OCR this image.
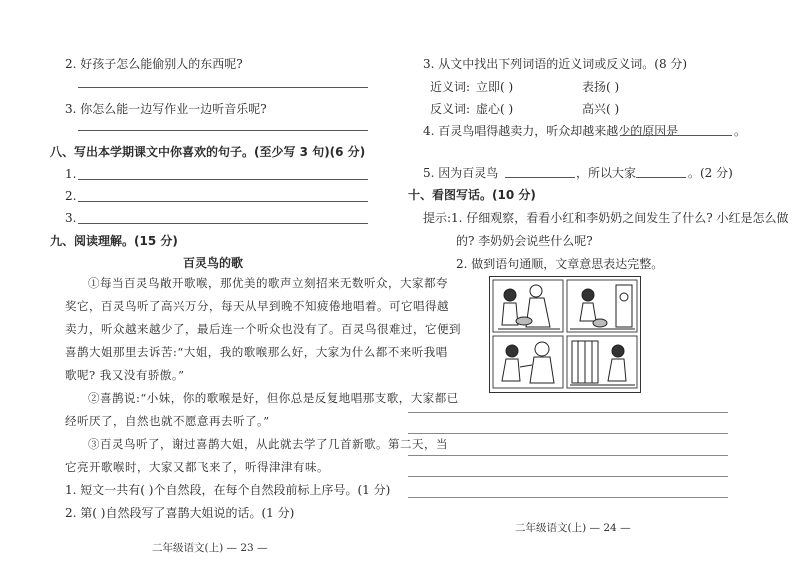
2. 好孩子怎么能偷别人的东西呢?
3. 你怎么能一边写作业一边听音乐呢?
八、写出本学期课文中你喜欢的句子。(至少写 3 句)(6 分)
1.
2.
3.
九、阅读理解。(15 分)
百灵鸟的歌
①每当百灵鸟敞开歌喉，那优美的歌声立刻招来无数听众，大家都夸
奖它，百灵鸟听了高兴万分，每天从早到晚不知疲倦地唱着。可它唱得越
卖力，听众越来越少了，最后连一个听众也没有了。百灵鸟很难过，它便到
喜鹊大姐那里去诉苦:“大姐，我的歌喉那么好，大家为什么都不来听我唱
歌呢? 我又没有骄傲。”
②喜鹊说:“小妹，你的歌喉是好，但你总是反复地唱那支歌，大家都已
经听厌了，自然也就不愿意再去听了。”
③百灵鸟听了，谢过喜鹊大姐，从此就去学了几首新歌。第二天，当
它亮开歌喉时，大家又都飞来了，听得津津有味。
1. 短文一共有( )个自然段，在每个自然段前标上序号。(1 分)
2. 第( )自然段写了喜鹊大姐说的话。(1 分)
二年级语文(上) — 23 —
3. 从文中找出下列词语的近义词或反义词。(8 分)
近义词: 立即( )	表扬( )
反义词: 虚心( )	高兴( )
4. 百灵鸟唱得越卖力，听众却越来越少的原因是	。
5. 因为百灵鸟	，所以大家	。(2 分)
十、看图写话。(10 分)
提示:1. 仔细观察，看看小红和李奶奶之间发生了什么? 小红是怎么做
的? 李奶奶会说些什么呢?
2. 做到语句通顺，文章意思表达完整。
二年级语文(上) — 24 —
